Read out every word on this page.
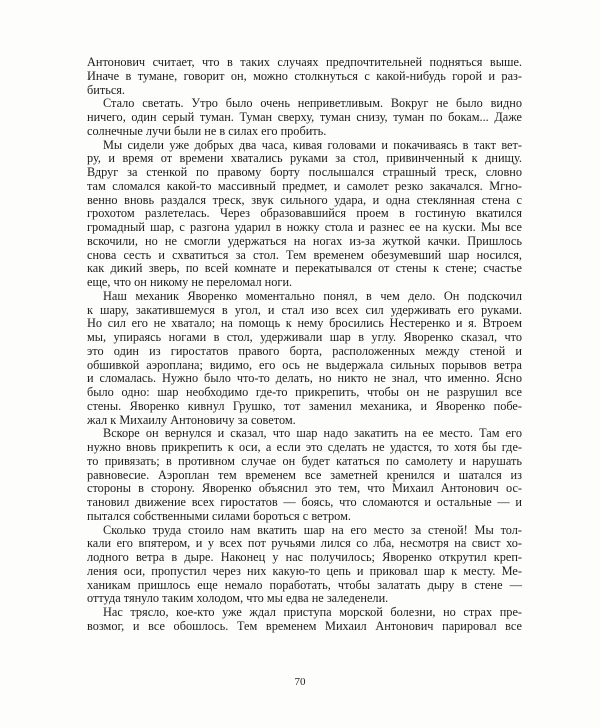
Антонович считает, что в таких случаях предпочтительней подняться выше.
Иначе в тумане, говорит он, можно столкнуться с какой-нибудь горой и раз-
биться.
Стало светать. Утро было очень неприветливым. Вокруг не было видно
ничего, один серый туман. Туман сверху, туман снизу, туман по бокам... Даже
солнечные лучи были не в силах его пробить.
Мы сидели уже добрых два часа, кивая головами и покачиваясь в такт вет-
ру, и время от времени хватались руками за стол, привинченный к днищу.
Вдруг за стенкой по правому борту послышался страшный треск, словно
там сломался какой-то массивный предмет, и самолет резко закачался. Мгно-
венно вновь раздался треск, звук сильного удара, и одна стеклянная стена с
грохотом разлетелась. Через образовавшийся проем в гостиную вкатился
громадный шар, с разгона ударил в ножку стола и разнес ее на куски. Мы все
вскочили, но не смогли удержаться на ногах из-за жуткой качки. Пришлось
снова сесть и схватиться за стол. Тем временем обезумевший шар носился,
как дикий зверь, по всей комнате и перекатывался от стены к стене; счастье
еще, что он никому не переломал ноги.
Наш механик Яворенко моментально понял, в чем дело. Он подскочил
к шару, закатившемуся в угол, и стал изо всех сил удерживать его руками.
Но сил его не хватало; на помощь к нему бросились Нестеренко и я. Втроем
мы, упираясь ногами в стол, удерживали шар в углу. Яворенко сказал, что
это один из гиростатов правого борта, расположенных между стеной и
обшивкой аэроплана; видимо, его ось не выдержала сильных порывов ветра
и сломалась. Нужно было что-то делать, но никто не знал, что именно. Ясно
было одно: шар необходимо где-то прикрепить, чтобы он не разрушил все
стены. Яворенко кивнул Грушко, тот заменил механика, и Яворенко побе-
жал к Михаилу Антоновичу за советом.
Вскоре он вернулся и сказал, что шар надо закатить на ее место. Там его
нужно вновь прикрепить к оси, а если это сделать не удастся, то хотя бы где-
то привязать; в противном случае он будет кататься по самолету и нарушать
равновесие. Аэроплан тем временем все заметней кренился и шатался из
стороны в сторону. Яворенко объяснил это тем, что Михаил Антонович ос-
тановил движение всех гиростатов — боясь, что сломаются и остальные — и
пытался собственными силами бороться с ветром.
Сколько труда стоило нам вкатить шар на его место за стеной! Мы тол-
кали его впятером, и у всех пот ручьями лился со лба, несмотря на свист хо-
лодного ветра в дыре. Наконец у нас получилось; Яворенко открутил креп-
ления оси, пропустил через них какую-то цепь и приковал шар к месту. Ме-
ханикам пришлось еще немало поработать, чтобы залатать дыру в стене —
оттуда тянуло таким холодом, что мы едва не заледенели.
Нас трясло, кое-кто уже ждал приступа морской болезни, но страх пре-
возмог, и все обошлось. Тем временем Михаил Антонович парировал все
70
